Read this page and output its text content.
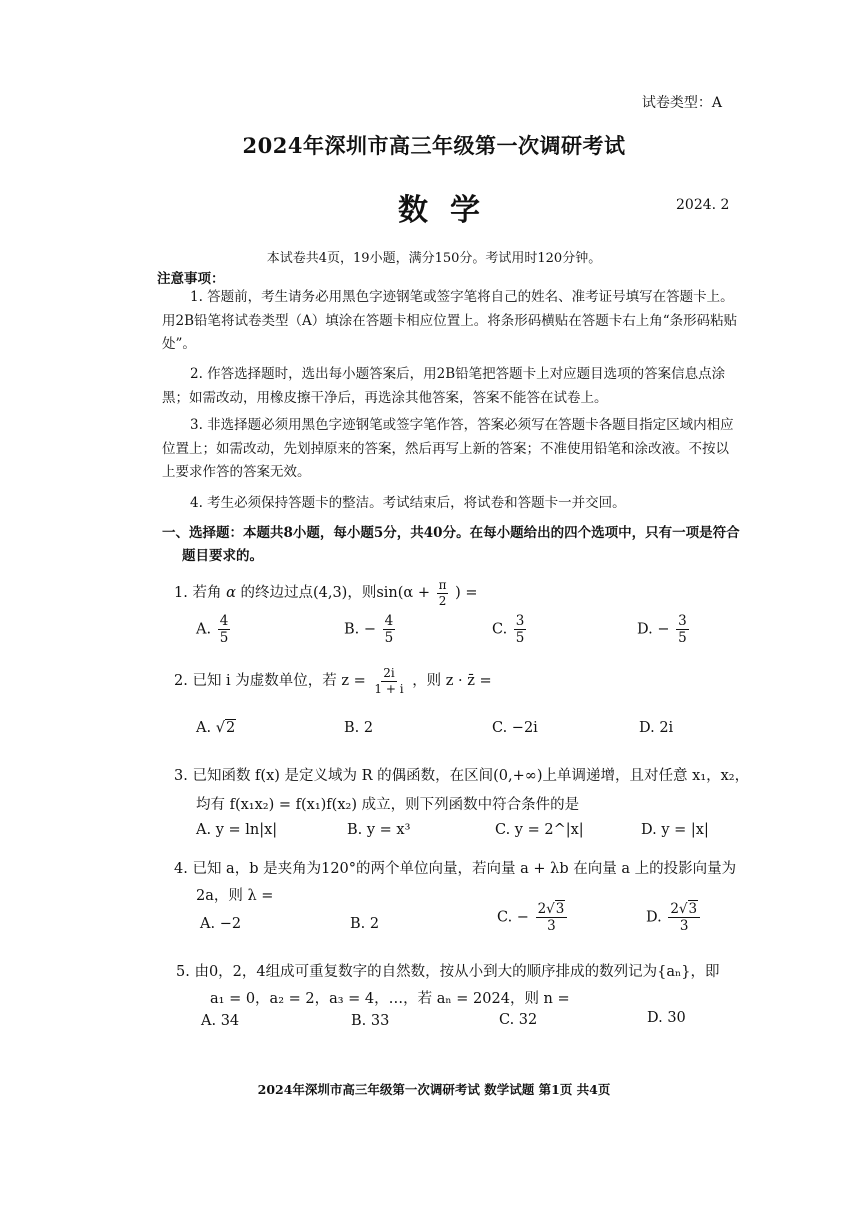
试卷类型：A
2024年深圳市高三年级第一次调研考试
数学	2024. 2
本试卷共4页，19小题，满分150分。考试用时120分钟。
注意事项：
1. 答题前，考生请务必用黑色字迹钢笔或签字笔将自己的姓名、准考证号填写在答题卡上。用2B铅笔将试卷类型（A）填涂在答题卡相应位置上。将条形码横贴在答题卡右上角“条形码粘贴处”。
2. 作答选择题时，选出每小题答案后，用2B铅笔把答题卡上对应题目选项的答案信息点涂黑；如需改动，用橡皮擦干净后，再选涂其他答案，答案不能答在试卷上。
3. 非选择题必须用黑色字迹钢笔或签字笔作答，答案必须写在答题卡各题目指定区域内相应位置上；如需改动，先划掉原来的答案，然后再写上新的答案；不准使用铅笔和涂改液。不按以上要求作答的答案无效。
4. 考生必须保持答题卡的整洁。考试结束后，将试卷和答题卡一并交回。
一、选择题：本题共8小题，每小题5分，共40分。在每小题给出的四个选项中，只有一项是符合题目要求的。
1. 若角 α 的终边过点(4,3)，则$\sin(\alpha + \frac{\pi}{2}$ ) =
A. $\frac{4}{5}$	B. − $\frac{4}{5}$	C. $\frac{3}{5}$	D. − $\frac{3}{5}$
2. 已知 i 为虚数单位，若 $z = \frac{2i}{1 + i}$ ，则 z · z̄ =
A. √2	B. 2	C. −2i	D. 2i
3. 已知函数 f(x) 是定义域为 R 的偶函数，在区间(0,+∞)上单调递增，且对任意 x₁，x₂，
均有 f(x₁x₂) = f(x₁)f(x₂) 成立，则下列函数中符合条件的是
A. y = ln|x|	B. y = x³	C. y = 2^|x|	D. y = |x|
4. 已知 a，b 是夹角为120°的两个单位向量，若向量 a + λb 在向量 a 上的投影向量为
2a，则 λ =
A. −2	B. 2	C. − $\frac{2√3}{3}$	D. $\frac{2√3}{3}$
5. 由0，2，4组成可重复数字的自然数，按从小到大的顺序排成的数列记为{aₙ}，即
a₁ = 0，a₂ = 2，a₃ = 4，…，若 aₙ = 2024，则 n =
A. 34	B. 33	C. 32	D. 30
2024年深圳市高三年级第一次调研考试 数学试题 第1页 共4页
